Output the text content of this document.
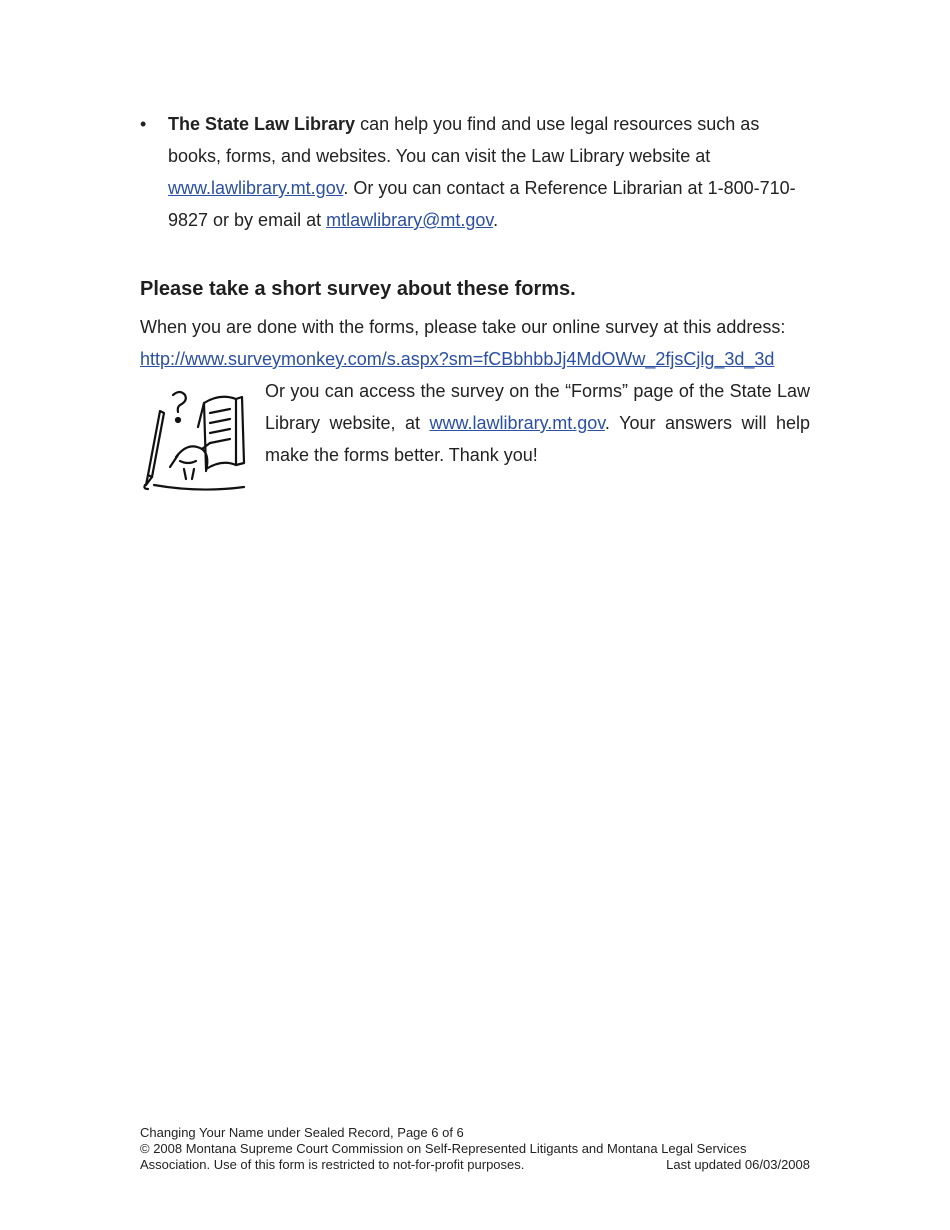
•	The State Law Library can help you find and use legal resources such as books, forms, and websites. You can visit the Law Library website at www.lawlibrary.mt.gov. Or you can contact a Reference Librarian at 1-800-710-9827 or by email at mtlawlibrary@mt.gov.
Please take a short survey about these forms.

When you are done with the forms, please take our online survey at this address:
http://www.surveymonkey.com/s.aspx?sm=fCBbhbbJj4MdOWw_2fjsCjlg_3d_3d

Or you can access the survey on the “Forms” page of the State Law Library website, at www.lawlibrary.mt.gov. Your answers will help make the forms better. Thank you!

Changing Your Name under Sealed Record, Page 6 of 6
© 2008 Montana Supreme Court Commission on Self-Represented Litigants and Montana Legal Services
Association. Use of this form is restricted to not-for-profit purposes.	Last updated 06/03/2008
